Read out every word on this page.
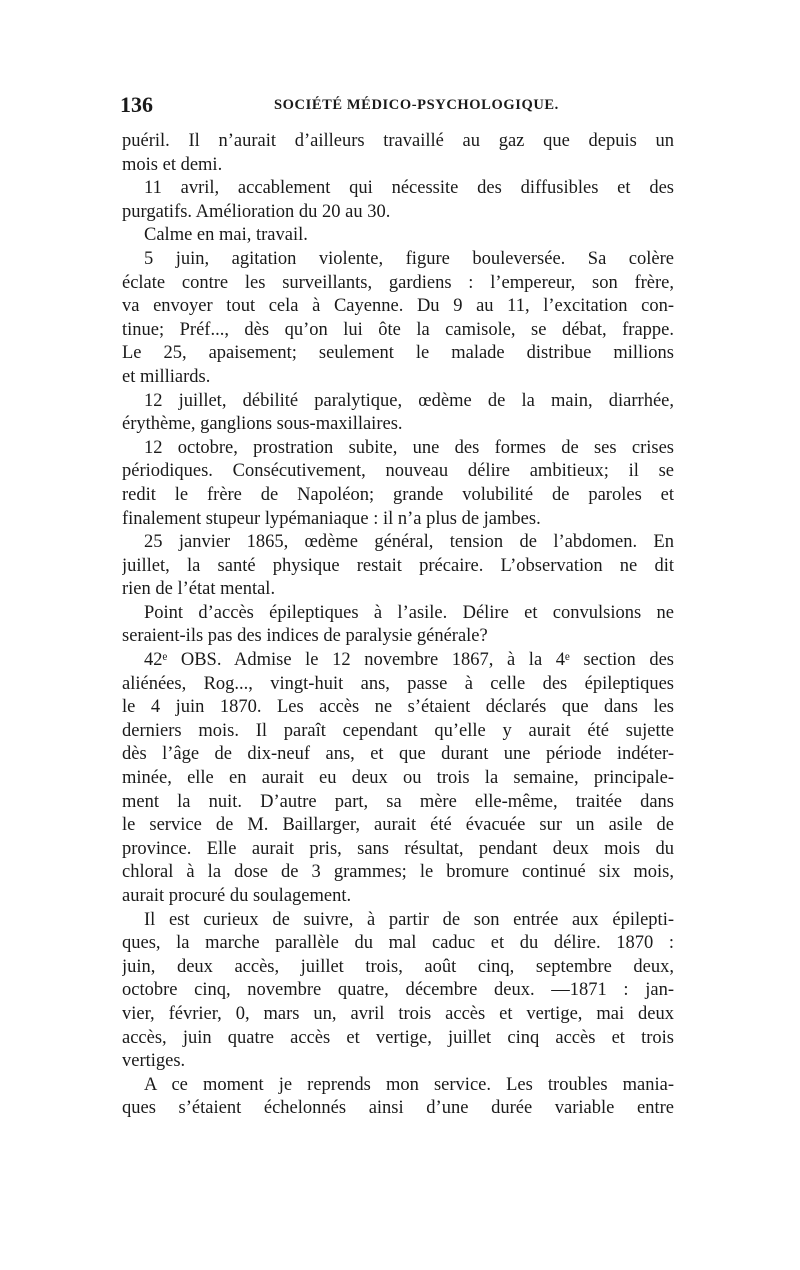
136	SOCIÉTÉ MÉDICO-PSYCHOLOGIQUE.
puéril. Il n’aurait d’ailleurs travaillé au gaz que depuis un
mois et demi.
11 avril, accablement qui nécessite des diffusibles et des
purgatifs. Amélioration du 20 au 30.
Calme en mai, travail.
5 juin, agitation violente, figure bouleversée. Sa colère
éclate contre les surveillants, gardiens : l’empereur, son frère,
va envoyer tout cela à Cayenne. Du 9 au 11, l’excitation con-
tinue; Préf..., dès qu’on lui ôte la camisole, se débat, frappe.
Le 25, apaisement; seulement le malade distribue millions
et milliards.
12 juillet, débilité paralytique, œdème de la main, diarrhée,
érythème, ganglions sous-maxillaires.
12 octobre, prostration subite, une des formes de ses crises
périodiques. Consécutivement, nouveau délire ambitieux; il se
redit le frère de Napoléon; grande volubilité de paroles et
finalement stupeur lypémaniaque : il n’a plus de jambes.
25 janvier 1865, œdème général, tension de l’abdomen. En
juillet, la santé physique restait précaire. L’observation ne dit
rien de l’état mental.
Point d’accès épileptiques à l’asile. Délire et convulsions ne
seraient-ils pas des indices de paralysie générale?
42ᵉ OBS. Admise le 12 novembre 1867, à la 4ᵉ section des
aliénées, Rog..., vingt-huit ans, passe à celle des épileptiques
le 4 juin 1870. Les accès ne s’étaient déclarés que dans les
derniers mois. Il paraît cependant qu’elle y aurait été sujette
dès l’âge de dix-neuf ans, et que durant une période indéter-
minée, elle en aurait eu deux ou trois la semaine, principale-
ment la nuit. D’autre part, sa mère elle-même, traitée dans
le service de M. Baillarger, aurait été évacuée sur un asile de
province. Elle aurait pris, sans résultat, pendant deux mois du
chloral à la dose de 3 grammes; le bromure continué six mois,
aurait procuré du soulagement.
Il est curieux de suivre, à partir de son entrée aux épilepti-
ques, la marche parallèle du mal caduc et du délire. 1870 :
juin, deux accès, juillet trois, août cinq, septembre deux,
octobre cinq, novembre quatre, décembre deux. —1871 : jan-
vier, février, 0, mars un, avril trois accès et vertige, mai deux
accès, juin quatre accès et vertige, juillet cinq accès et trois
vertiges.
A ce moment je reprends mon service. Les troubles mania-
ques s’étaient échelonnés ainsi d’une durée variable entre
